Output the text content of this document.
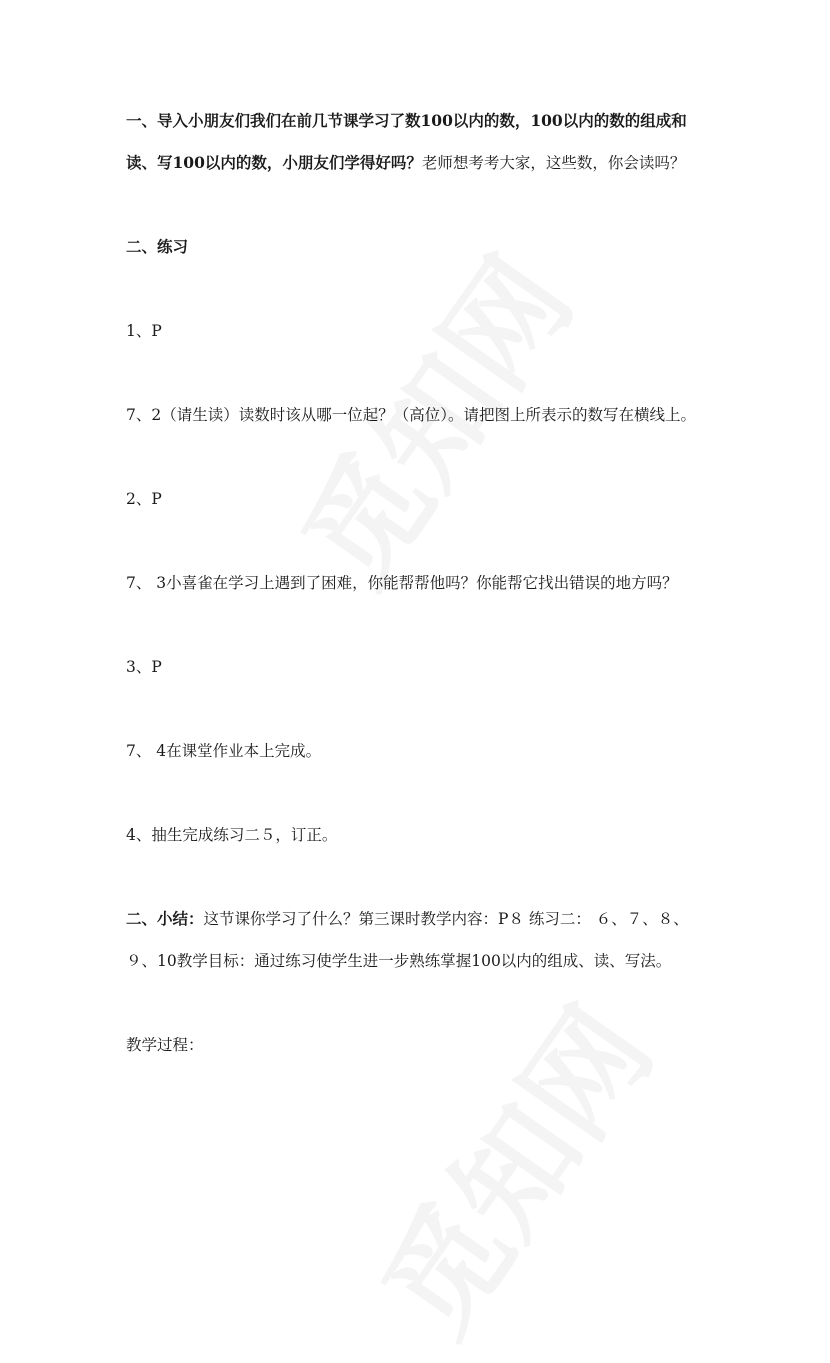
一、导入小朋友们我们在前几节课学习了数100以内的数，100以内的数的组成和读、写100以内的数，小朋友们学得好吗？老师想考考大家，这些数，你会读吗？

二、练习

1、P

7、2（请生读）读数时该从哪一位起？（高位）。请把图上所表示的数写在横线上。

2、P

7、 3小喜雀在学习上遇到了困难，你能帮帮他吗？你能帮它找出错误的地方吗？

3、P

7、 4在课堂作业本上完成。

4、抽生完成练习二５，订正。

二、小结：这节课你学习了什么？第三课时教学内容：P８ 练习二： ６、７、８、９、10教学目标：通过练习使学生进一步熟练掌握100以内的组成、读、写法。

教学过程：
